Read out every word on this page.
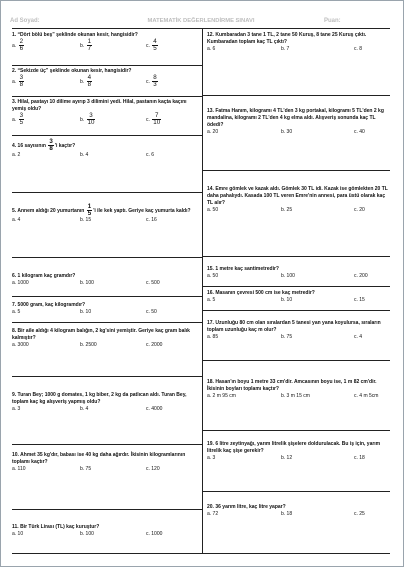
Ad Soyad:	MATEMATİK DEĞERLENDİRME SINAVI	Puan:
1. “Dört bölü beş” şeklinde okunan kesir, hangisidir?
a. $\frac{2}{6}$	b. $\frac{1}{7}$	c. $\frac{4}{5}$
2. “Sekizde üç” şeklinde okunan kesir, hangisidir?
a. $\frac{3}{8}$	b. $\frac{4}{8}$	c. $\frac{8}{3}$
3. Hilal, pastayı 10 dilime ayırıp 3 dilimini yedi. Hilal, pastanın kaçta kaçını yemiş oldu?
a. $\frac{3}{5}$	b. $\frac{3}{10}$	c. $\frac{7}{10}$
4. 16 sayısının $\frac{3}{8}$ 'i kaçtır?
a. 2	b. 4	c. 6
5. Annem aldığı 20 yumurtanın $\frac{1}{5}$ 'i ile kek yaptı. Geriye kaç yumurta kaldı?
a. 4	b. 15	c. 16
6. 1 kilogram kaç gramdır?
a. 1000	b. 100	c. 500
7. 5000 gram, kaç kilogramdır?
a. 5	b. 10	c. 50
8. Bir aile aldığı 4 kilogram balığın, 2 kg'sini yemiştir. Geriye kaç gram balık kalmıştır?
a. 3000	b. 2500	c. 2000
9. Turan Bey; 1000 g domates, 1 kg biber, 2 kg da patlıcan aldı. Turan Bey, toplam kaç kg alışveriş yapmış oldu?
a. 3	b. 4	c. 4000
10. Ahmet 35 kg'dır, babası ise 40 kg daha ağırdır. İkisinin kilogramlarının toplamı kaçtır?
a. 110	b. 75	c. 120
11. Bir Türk Lirası (TL) kaç kuruştur?
a. 10	b. 100	c. 1000
12. Kumbaradan 3 tane 1 TL, 2 tane 50 Kuruş, 8 tane 25 Kuruş çıktı. Kumbaradan toplam kaç TL çıktı?
a. 6	b. 7	c. 8
13. Fatma Hanım, kilogramı 4 TL'den 3 kg portakal, kilogramı 5 TL'den 2 kg mandalina, kilogramı 2 TL'den 4 kg elma aldı. Alışveriş sonunda kaç TL ödedi?
a. 20	b. 30	c. 40
14. Emre gömlek ve kazak aldı. Gömlek 30 TL idi. Kazak ise gömlekten 20 TL daha pahalıydı. Kasada 100 TL veren Emre'nin annesi, para üstü olarak kaç TL alır?
a. 50	b. 25	c. 20
15. 1 metre kaç santimetredir?
a. 50	b. 100	c. 200
16. Masanın çevresi 500 cm ise kaç metredir?
a. 5	b. 10	c. 15
17. Uzunluğu 80 cm olan sıralardan 5 tanesi yan yana koyulursa, sıraların toplam uzunluğu kaç m olur?
a. 85	b. 75	c. 4
18. Hasan'ın boyu 1 metre 33 cm'dir. Amcasının boyu ise, 1 m 82 cm'dir. İkisinin boyları toplamı kaçtır?
a. 2 m 95 cm	b. 3 m 15 cm	c. 4 m 5cm
19. 6 litre zeytinyağı, yarım litrelik şişelere doldurulacak. Bu iş için, yarım litrelik kaç şişe gerekir?
a. 3	b. 12	c. 18
20. 36 yarım litre, kaç litre yapar?
a. 72	b. 18	c. 25
